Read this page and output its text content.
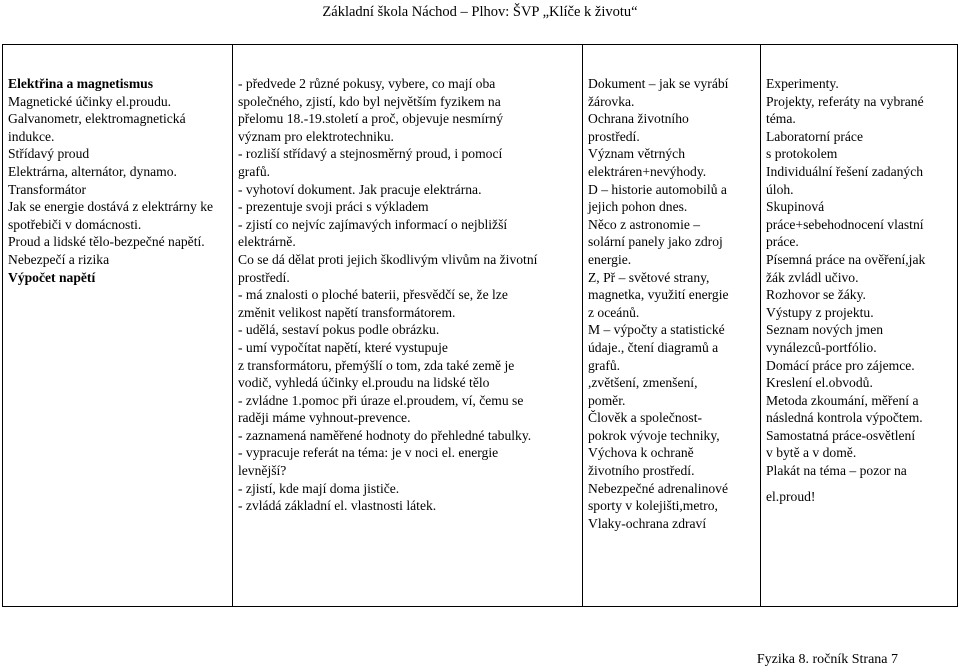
Základní škola Náchod – Plhov: ŠVP „Klíče k životu“
Elektřina a magnetismus
Magnetické účinky el.proudu.
Galvanometr, elektromagnetická indukce.
Střídavý proud
Elektrárna, alternátor, dynamo.
Transformátor
Jak se energie dostává z elektrárny ke spotřebiči v domácnosti.
Proud a lidské tělo-bezpečné napětí.
Nebezpečí a rizika
Výpočet napětí

- předvede 2 různé pokusy, vybere, co mají oba
společného, zjistí, kdo byl největším fyzikem na
přelomu 18.-19.století a proč, objevuje nesmírný
význam pro elektrotechniku.
- rozliší střídavý a stejnosměrný proud, i pomocí
grafů.
- vyhotoví dokument. Jak pracuje elektrárna.
- prezentuje svoji práci s výkladem
- zjistí co nejvíc zajímavých informací o nejbližší
elektrárně.
Co se dá dělat proti jejich škodlivým vlivům na životní
prostředí.
- má znalosti o ploché baterii, přesvědčí se, že lze
změnit velikost napětí transformátorem.
- udělá, sestaví pokus podle obrázku.
- umí vypočítat napětí, které vystupuje
z transformátoru, přemýšlí o tom, zda také země je
vodič, vyhledá účinky el.proudu na lidské tělo
- zvládne 1.pomoc při úraze el.proudem, ví, čemu se
raději máme vyhnout-prevence.
- zaznamená naměřené hodnoty do přehledné tabulky.
- vypracuje referát na téma: je v noci el. energie
levnější?
- zjistí, kde mají doma jističe.
- zvládá základní el. vlastnosti látek.

Dokument – jak se vyrábí
žárovka.
Ochrana životního
prostředí.
Význam větrných
elektráren+nevýhody.
D – historie automobilů a
jejich pohon dnes.
Něco z astronomie –
solární panely jako zdroj
energie.
Z, Př – světové strany,
magnetka, využití energie
z oceánů.
M – výpočty a statistické
údaje., čtení diagramů a
grafů.
,zvětšení, zmenšení,
poměr.
Člověk a společnost-
pokrok vývoje techniky,
Výchova k ochraně
životního prostředí.
Nebezpečné adrenalinové
sporty v kolejišti,metro,
Vlaky-ochrana zdraví

Experimenty.
Projekty, referáty na vybrané
téma.
Laboratorní práce
s protokolem
Individuální řešení zadaných
úloh.
Skupinová
práce+sebehodnocení vlastní
práce.
Písemná práce na ověření,jak
žák zvládl učivo.
Rozhovor se žáky.
Výstupy z projektu.
Seznam nových jmen
vynálezců-portfólio.
Domácí práce pro zájemce.
Kreslení el.obvodů.
Metoda zkoumání, měření a
následná kontrola výpočtem.
Samostatná práce-osvětlení
v bytě a v domě.
Plakát na téma – pozor na
el.proud!
Fyzika 8. ročník Strana 7
